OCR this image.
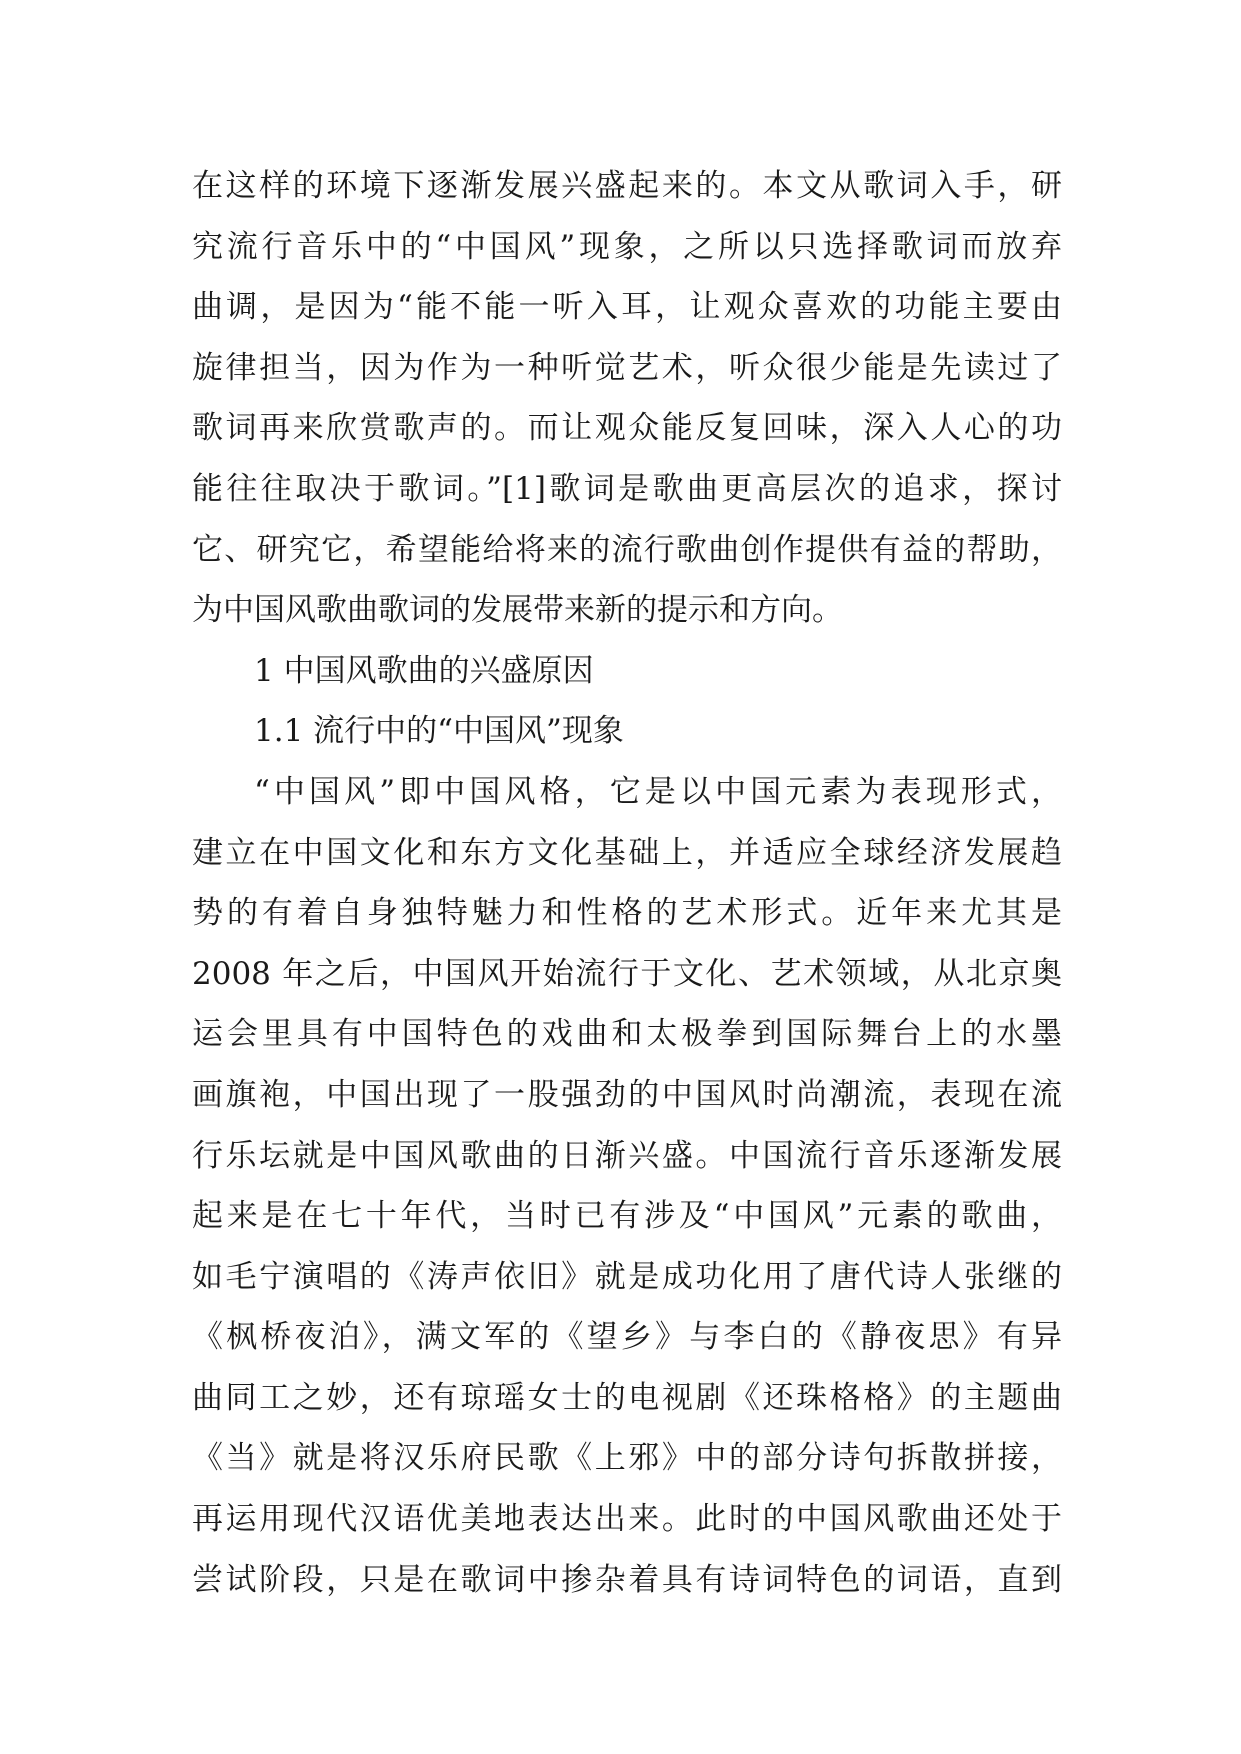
在这样的环境下逐渐发展兴盛起来的。本文从歌词入手，研
究流行音乐中的“中国风”现象，之所以只选择歌词而放弃
曲调，是因为“能不能一听入耳，让观众喜欢的功能主要由
旋律担当，因为作为一种听觉艺术，听众很少能是先读过了
歌词再来欣赏歌声的。而让观众能反复回味，深入人心的功
能往往取决于歌词。”[1]歌词是歌曲更高层次的追求，探讨
它、研究它，希望能给将来的流行歌曲创作提供有益的帮助，
为中国风歌曲歌词的发展带来新的提示和方向。
1 中国风歌曲的兴盛原因
1.1 流行中的“中国风”现象
“中国风”即中国风格，它是以中国元素为表现形式，
建立在中国文化和东方文化基础上，并适应全球经济发展趋
势的有着自身独特魅力和性格的艺术形式。近年来尤其是
2008 年之后，中国风开始流行于文化、艺术领域，从北京奥
运会里具有中国特色的戏曲和太极拳到国际舞台上的水墨
画旗袍，中国出现了一股强劲的中国风时尚潮流，表现在流
行乐坛就是中国风歌曲的日渐兴盛。中国流行音乐逐渐发展
起来是在七十年代，当时已有涉及“中国风”元素的歌曲，
如毛宁演唱的《涛声依旧》就是成功化用了唐代诗人张继的
《枫桥夜泊》，满文军的《望乡》与李白的《静夜思》有异
曲同工之妙，还有琼瑶女士的电视剧《还珠格格》的主题曲
《当》就是将汉乐府民歌《上邪》中的部分诗句拆散拼接，
再运用现代汉语优美地表达出来。此时的中国风歌曲还处于
尝试阶段，只是在歌词中掺杂着具有诗词特色的词语，直到
